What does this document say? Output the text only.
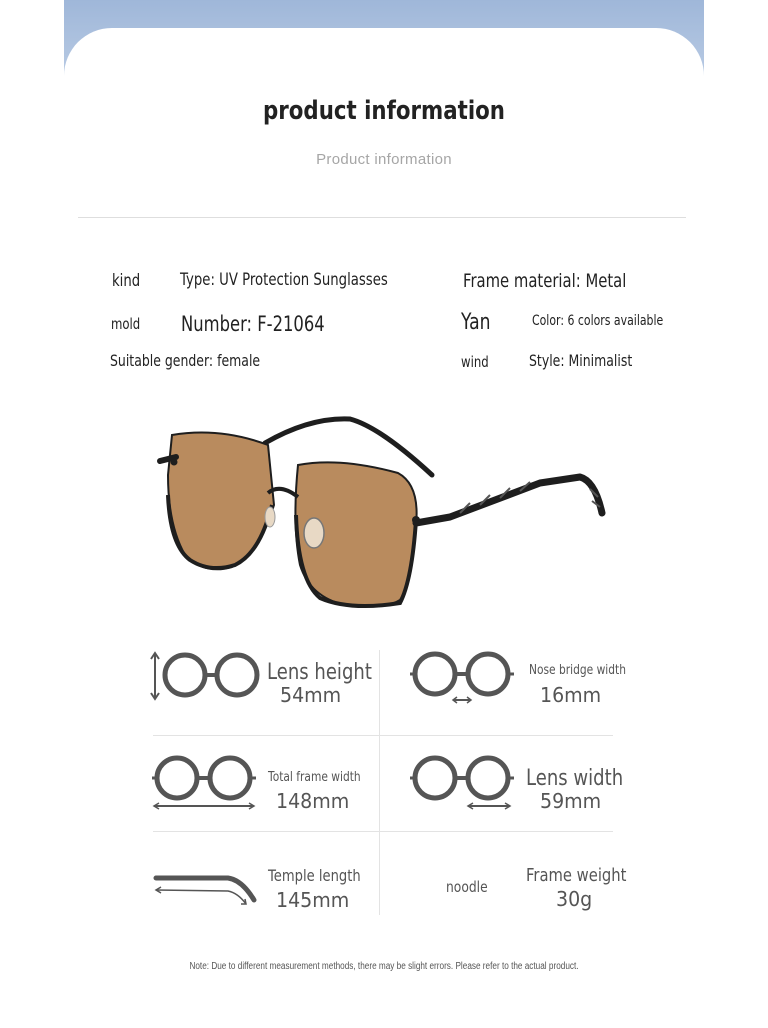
product information
Product information
kind Type: UV Protection Sunglasses	Frame material: Metal
mold Number: F-21064	Yan	Color: 6 colors available
Suitable gender: female	wind	Style: Minimalist
Lens height
54mm
Nose bridge width
16mm
Total frame width
148mm
Lens width
59mm
Temple length
145mm
noodle
Frame weight
30g
Note: Due to different measurement methods, there may be slight errors. Please refer to the actual product.
